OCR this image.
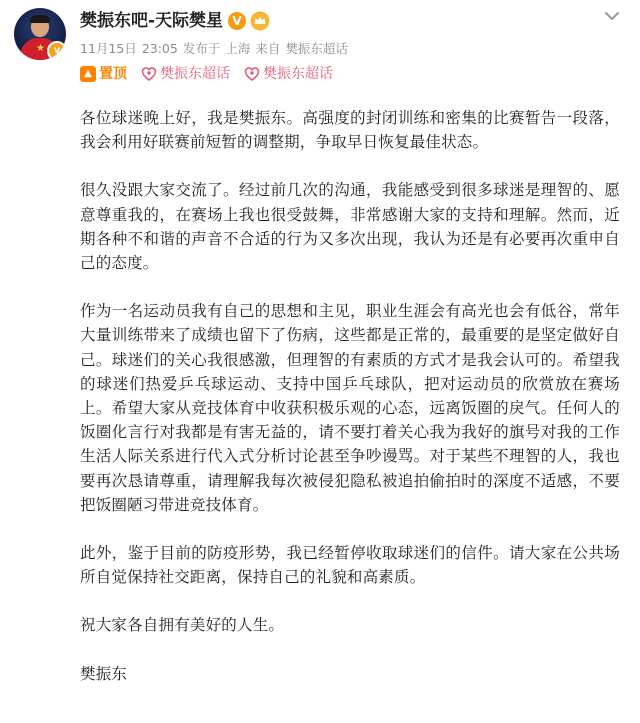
★ v
樊振东吧-天际樊星 V
11月15日 23:05 发布于 上海 来自 樊振东超话
▲ 置顶 樊振东超话 樊振东超话

各位球迷晚上好，我是樊振东。高强度的封闭训练和密集的比赛暂告一段落，我会利用好联赛前短暂的调整期，争取早日恢复最佳状态。

很久没跟大家交流了。经过前几次的沟通，我能感受到很多球迷是理智的、愿意尊重我的，在赛场上我也很受鼓舞，非常感谢大家的支持和理解。然而，近期各种不和谐的声音不合适的行为又多次出现，我认为还是有必要再次重申自己的态度。

作为一名运动员我有自己的思想和主见，职业生涯会有高光也会有低谷，常年大量训练带来了成绩也留下了伤病，这些都是正常的，最重要的是坚定做好自己。球迷们的关心我很感激，但理智的有素质的方式才是我会认可的。希望我的球迷们热爱乒乓球运动、支持中国乒乓球队，把对运动员的欣赏放在赛场上。希望大家从竞技体育中收获积极乐观的心态，远离饭圈的戾气。任何人的饭圈化言行对我都是有害无益的，请不要打着关心我为我好的旗号对我的工作生活人际关系进行代入式分析讨论甚至争吵谩骂。对于某些不理智的人，我也要再次恳请尊重，请理解我每次被侵犯隐私被追拍偷拍时的深度不适感，不要把饭圈陋习带进竞技体育。

此外，鉴于目前的防疫形势，我已经暂停收取球迷们的信件。请大家在公共场所自觉保持社交距离，保持自己的礼貌和高素质。

祝大家各自拥有美好的人生。

樊振东
